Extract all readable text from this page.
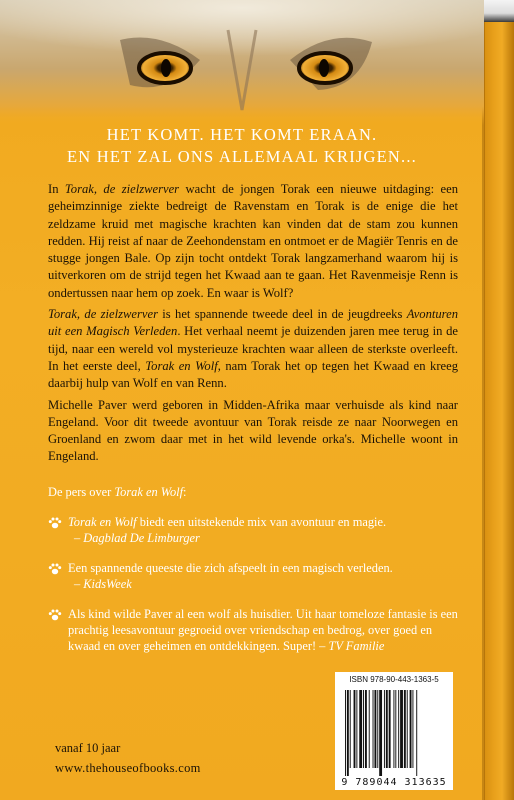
HET KOMT. HET KOMT ERAAN.
EN HET ZAL ONS ALLEMAAL KRIJGEN...

In Torak, de zielzwerver wacht de jongen Torak een nieuwe uitdaging: een geheimzinnige ziekte bedreigt de Ravenstam en Torak is de enige die het zeldzame kruid met magische krachten kan vinden dat de stam zou kunnen redden. Hij reist af naar de Zeehondenstam en ontmoet er de Magiër Tenris en de stugge jongen Bale. Op zijn tocht ontdekt Torak langzamerhand waarom hij is uitverkoren om de strijd tegen het Kwaad aan te gaan. Het Ravenmeisje Renn is ondertussen naar hem op zoek. En waar is Wolf?

Torak, de zielzwerver is het spannende tweede deel in de jeugdreeks Avonturen uit een Magisch Verleden. Het verhaal neemt je duizenden jaren mee terug in de tijd, naar een wereld vol mysterieuze krachten waar alleen de sterkste overleeft. In het eerste deel, Torak en Wolf, nam Torak het op tegen het Kwaad en kreeg daarbij hulp van Wolf en van Renn.

Michelle Paver werd geboren in Midden-Afrika maar verhuisde als kind naar Engeland. Voor dit tweede avontuur van Torak reisde ze naar Noorwegen en Groenland en zwom daar met in het wild levende orka's. Michelle woont in Engeland.

De pers over Torak en Wolf:
Torak en Wolf biedt een uitstekende mix van avontuur en magie.
– Dagblad De Limburger
Een spannende queeste die zich afspeelt in een magisch verleden.
– KidsWeek
Als kind wilde Paver al een wolf als huisdier. Uit haar tomeloze fantasie is een prachtig leesavontuur gegroeid over vriendschap en bedrog, over goed en kwaad en over geheimen en ontdekkingen. Super! – TV Familie
ISBN 978-90-443-1363-5
9 789044 313635
vanaf 10 jaar
www.thehouseofbooks.com
